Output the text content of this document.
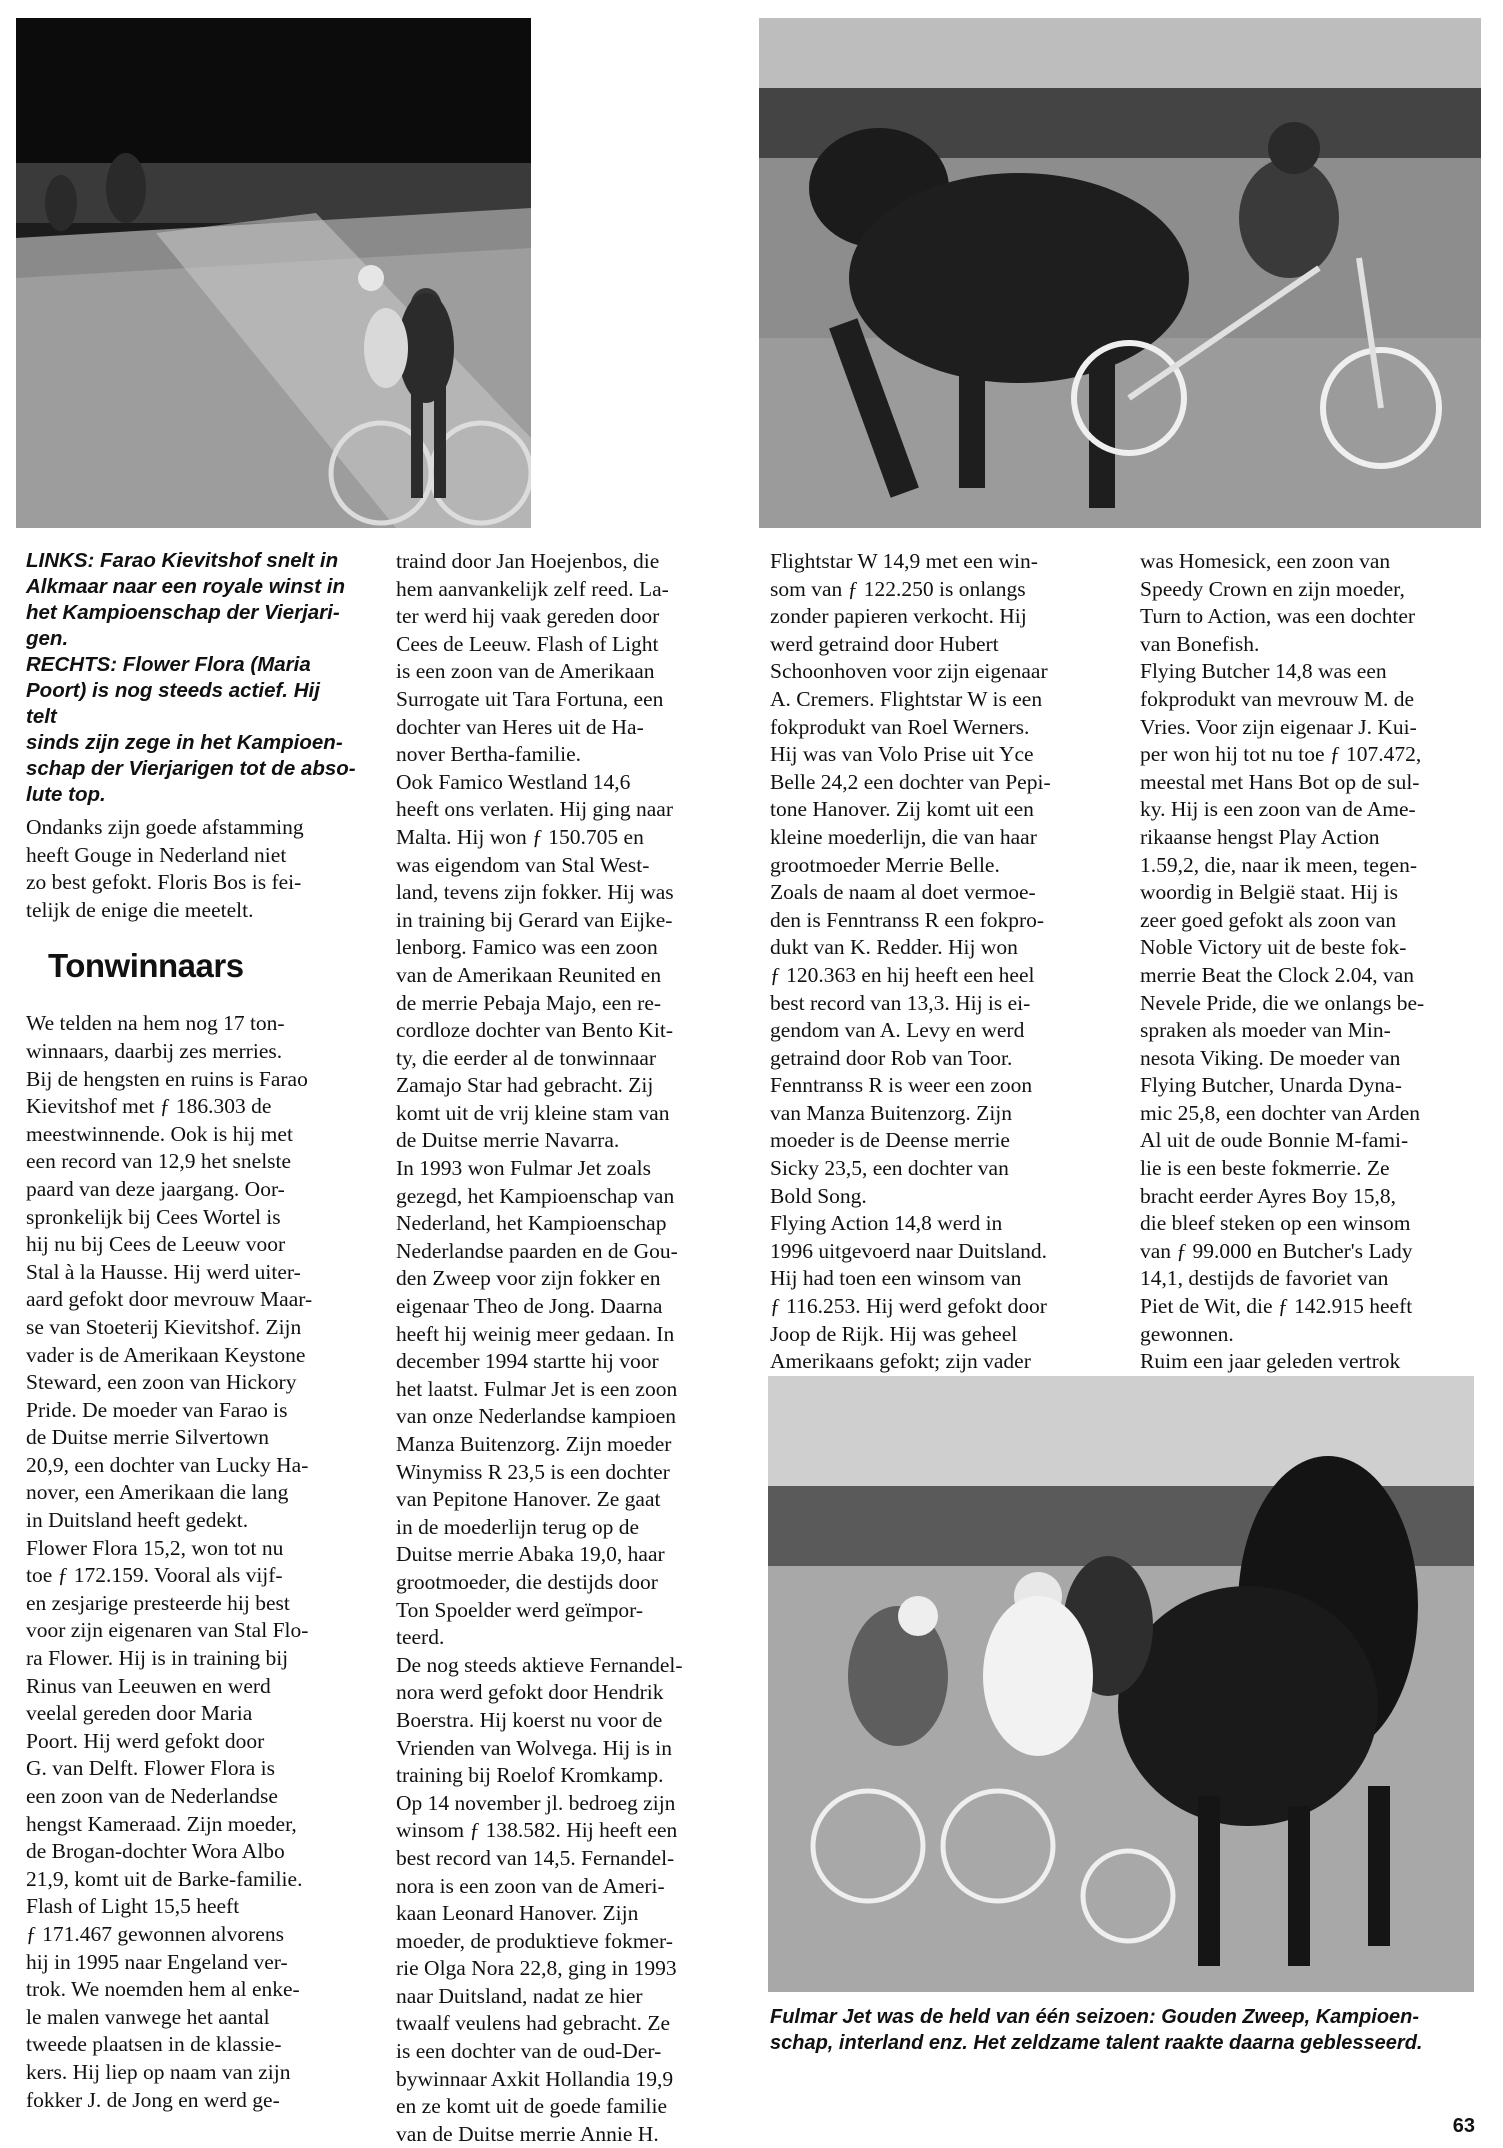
LINKS: Farao Kievitshof snelt in
Alkmaar naar een royale winst in
het Kampioenschap der Vierjari-
gen.
RECHTS: Flower Flora (Maria
Poort) is nog steeds actief. Hij telt
sinds zijn zege in het Kampioen-
schap der Vierjarigen tot de abso-
lute top.

Ondanks zijn goede afstamming

heeft Gouge in Nederland niet

zo best gefokt. Floris Bos is fei-

telijk de enige die meetelt.

Tonwinnaars

We telden na hem nog 17 ton-

winnaars, daarbij zes merries.

Bij de hengsten en ruins is Farao

Kievitshof met ƒ 186.303 de

meestwinnende. Ook is hij met

een record van 12,9 het snelste

paard van deze jaargang. Oor-

spronkelijk bij Cees Wortel is

hij nu bij Cees de Leeuw voor

Stal à la Hausse. Hij werd uiter-

aard gefokt door mevrouw Maar-

se van Stoeterij Kievitshof. Zijn

vader is de Amerikaan Keystone

Steward, een zoon van Hickory

Pride. De moeder van Farao is

de Duitse merrie Silvertown

20,9, een dochter van Lucky Ha-

nover, een Amerikaan die lang

in Duitsland heeft gedekt.

Flower Flora 15,2, won tot nu

toe ƒ 172.159. Vooral als vijf-

en zesjarige presteerde hij best

voor zijn eigenaren van Stal Flo-

ra Flower. Hij is in training bij

Rinus van Leeuwen en werd

veelal gereden door Maria

Poort. Hij werd gefokt door

G. van Delft. Flower Flora is

een zoon van de Nederlandse

hengst Kameraad. Zijn moeder,

de Brogan-dochter Wora Albo

21,9, komt uit de Barke-familie.

Flash of Light 15,5 heeft

ƒ 171.467 gewonnen alvorens

hij in 1995 naar Engeland ver-

trok. We noemden hem al enke-

le malen vanwege het aantal

tweede plaatsen in de klassie-

kers. Hij liep op naam van zijn

fokker J. de Jong en werd ge-

traind door Jan Hoejenbos, die

hem aanvankelijk zelf reed. La-

ter werd hij vaak gereden door

Cees de Leeuw. Flash of Light

is een zoon van de Amerikaan

Surrogate uit Tara Fortuna, een

dochter van Heres uit de Ha-

nover Bertha-familie.

Ook Famico Westland 14,6

heeft ons verlaten. Hij ging naar

Malta. Hij won ƒ 150.705 en

was eigendom van Stal West-

land, tevens zijn fokker. Hij was

in training bij Gerard van Eijke-

lenborg. Famico was een zoon

van de Amerikaan Reunited en

de merrie Pebaja Majo, een re-

cordloze dochter van Bento Kit-

ty, die eerder al de tonwinnaar

Zamajo Star had gebracht. Zij

komt uit de vrij kleine stam van

de Duitse merrie Navarra.

In 1993 won Fulmar Jet zoals

gezegd, het Kampioenschap van

Nederland, het Kampioenschap

Nederlandse paarden en de Gou-

den Zweep voor zijn fokker en

eigenaar Theo de Jong. Daarna

heeft hij weinig meer gedaan. In

december 1994 startte hij voor

het laatst. Fulmar Jet is een zoon

van onze Nederlandse kampioen

Manza Buitenzorg. Zijn moeder

Winymiss R 23,5 is een dochter

van Pepitone Hanover. Ze gaat

in de moederlijn terug op de

Duitse merrie Abaka 19,0, haar

grootmoeder, die destijds door

Ton Spoelder werd geïmpor-

teerd.

De nog steeds aktieve Fernandel-

nora werd gefokt door Hendrik

Boerstra. Hij koerst nu voor de

Vrienden van Wolvega. Hij is in

training bij Roelof Kromkamp.

Op 14 november jl. bedroeg zijn

winsom ƒ 138.582. Hij heeft een

best record van 14,5. Fernandel-

nora is een zoon van de Ameri-

kaan Leonard Hanover. Zijn

moeder, de produktieve fokmer-

rie Olga Nora 22,8, ging in 1993

naar Duitsland, nadat ze hier

twaalf veulens had gebracht. Ze

is een dochter van de oud-Der-

bywinnaar Axkit Hollandia 19,9

en ze komt uit de goede familie

van de Duitse merrie Annie H.

Flightstar W 14,9 met een win-

som van ƒ 122.250 is onlangs

zonder papieren verkocht. Hij

werd getraind door Hubert

Schoonhoven voor zijn eigenaar

A. Cremers. Flightstar W is een

fokprodukt van Roel Werners.

Hij was van Volo Prise uit Yce

Belle 24,2 een dochter van Pepi-

tone Hanover. Zij komt uit een

kleine moederlijn, die van haar

grootmoeder Merrie Belle.

Zoals de naam al doet vermoe-

den is Fenntranss R een fokpro-

dukt van K. Redder. Hij won

ƒ 120.363 en hij heeft een heel

best record van 13,3. Hij is ei-

gendom van A. Levy en werd

getraind door Rob van Toor.

Fenntranss R is weer een zoon

van Manza Buitenzorg. Zijn

moeder is de Deense merrie

Sicky 23,5, een dochter van

Bold Song.

Flying Action 14,8 werd in

1996 uitgevoerd naar Duitsland.

Hij had toen een winsom van

ƒ 116.253. Hij werd gefokt door

Joop de Rijk. Hij was geheel

Amerikaans gefokt; zijn vader

was Homesick, een zoon van

Speedy Crown en zijn moeder,

Turn to Action, was een dochter

van Bonefish.

Flying Butcher 14,8 was een

fokprodukt van mevrouw M. de

Vries. Voor zijn eigenaar J. Kui-

per won hij tot nu toe ƒ 107.472,

meestal met Hans Bot op de sul-

ky. Hij is een zoon van de Ame-

rikaanse hengst Play Action

1.59,2, die, naar ik meen, tegen-

woordig in België staat. Hij is

zeer goed gefokt als zoon van

Noble Victory uit de beste fok-

merrie Beat the Clock 2.04, van

Nevele Pride, die we onlangs be-

spraken als moeder van Min-

nesota Viking. De moeder van

Flying Butcher, Unarda Dyna-

mic 25,8, een dochter van Arden

Al uit de oude Bonnie M-fami-

lie is een beste fokmerrie. Ze

bracht eerder Ayres Boy 15,8,

die bleef steken op een winsom

van ƒ 99.000 en Butcher's Lady

14,1, destijds de favoriet van

Piet de Wit, die ƒ 142.915 heeft

gewonnen.

Ruim een jaar geleden vertrok

Fulmar Jet was de held van één seizoen: Gouden Zweep, Kampioen-
schap, interland enz. Het zeldzame talent raakte daarna geblesseerd.
63
